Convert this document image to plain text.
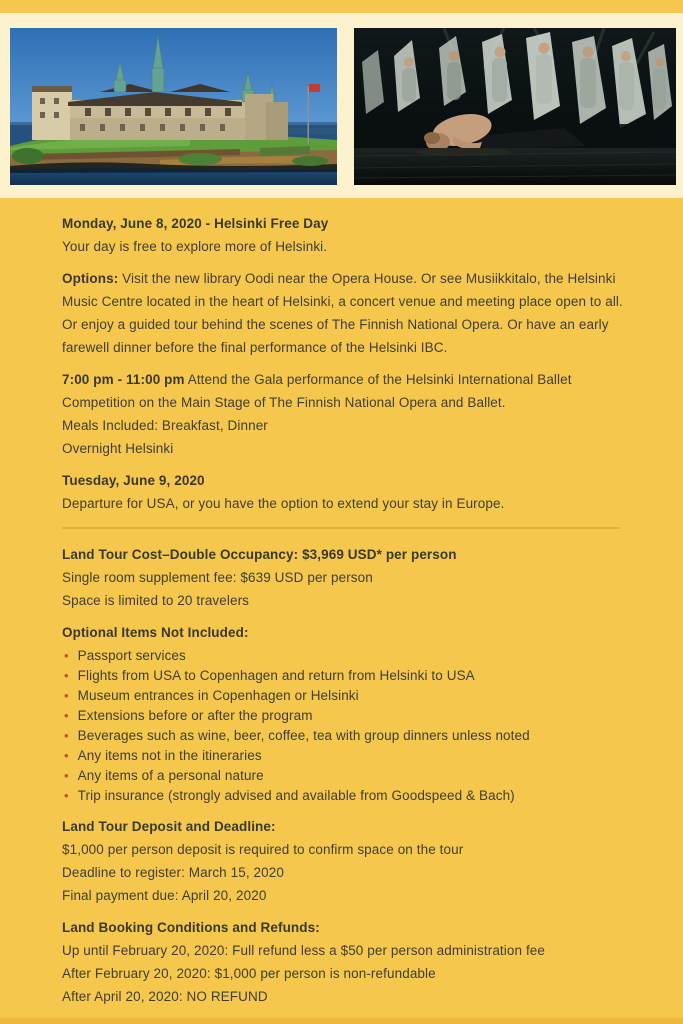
Monday, June 8, 2020 - Helsinki Free Day
Your day is free to explore more of Helsinki.

Options: Visit the new library Oodi near the Opera House. Or see Musiikkitalo, the Helsinki Music Centre located in the heart of Helsinki, a concert venue and meeting place open to all. Or enjoy a guided tour behind the scenes of The Finnish National Opera. Or have an early farewell dinner before the final performance of the Helsinki IBC.

7:00 pm - 11:00 pm Attend the Gala performance of the Helsinki International Ballet Competition on the Main Stage of The Finnish National Opera and Ballet.
Meals Included: Breakfast, Dinner
Overnight Helsinki
Tuesday, June 9, 2020
Departure for USA, or you have the option to extend your stay in Europe.
Land Tour Cost–Double Occupancy: $3,969 USD* per person
Single room supplement fee: $639 USD per person
Space is limited to 20 travelers
Optional Items Not Included:
• Passport services
• Flights from USA to Copenhagen and return from Helsinki to USA
• Museum entrances in Copenhagen or Helsinki
• Extensions before or after the program
• Beverages such as wine, beer, coffee, tea with group dinners unless noted
• Any items not in the itineraries
• Any items of a personal nature
• Trip insurance (strongly advised and available from Goodspeed & Bach)
Land Tour Deposit and Deadline:
$1,000 per person deposit is required to confirm space on the tour
Deadline to register: March 15, 2020
Final payment due: April 20, 2020
Land Booking Conditions and Refunds:
Up until February 20, 2020: Full refund less a $50 per person administration fee
After February 20, 2020: $1,000 per person is non-refundable
After April 20, 2020: NO REFUND
